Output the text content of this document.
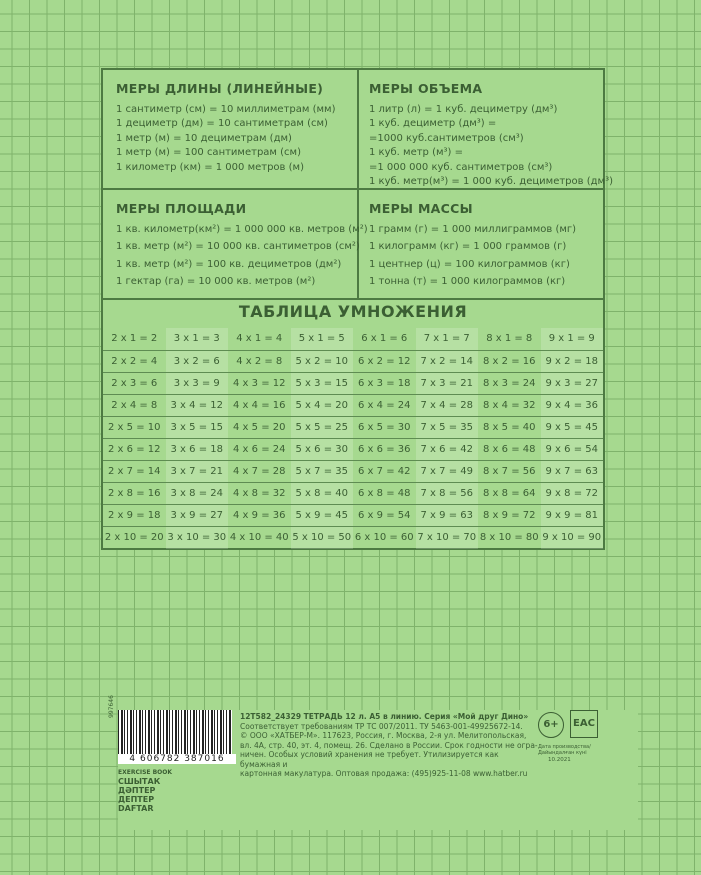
МЕРЫ ДЛИНЫ (ЛИНЕЙНЫЕ)
1 сантиметр (см) = 10 миллиметрам (мм)
1 дециметр (дм) = 10 сантиметрам (см)
1 метр (м) = 10 дециметрам (дм)
1 метр (м) = 100 сантиметрам (см)
1 километр (км) = 1 000 метров (м)
МЕРЫ ОБЪЕМА
1 литр (л) = 1 куб. дециметру (дм³)
1 куб. дециметр (дм³) =
=1000 куб.сантиметров (см³)
1 куб. метр (м³) =
=1 000 000 куб. сантиметров (см³)
1 куб. метр(м³) = 1 000 куб. дециметров (дм³)
МЕРЫ ПЛОЩАДИ
1 кв. километр(км²) = 1 000 000 кв. метров (м²)
1 кв. метр (м²) = 10 000 кв. сантиметров (см²)
1 кв. метр (м²) = 100 кв. дециметров (дм²)
1 гектар (га) = 10 000 кв. метров (м²)
МЕРЫ МАССЫ
1 грамм (г) = 1 000 миллиграммов (мг)
1 килограмм (кг) = 1 000 граммов (г)
1 центнер (ц) = 100 килограммов (кг)
1 тонна (т) = 1 000 килограммов (кг)
ТАБЛИЦА УМНОЖЕНИЯ
2 x 1 = 2	3 x 1 = 3	4 x 1 = 4	5 x 1 = 5	6 x 1 = 6	7 x 1 = 7	8 x 1 = 8	9 x 1 = 9
2 x 2 = 4	3 x 2 = 6	4 x 2 = 8	5 x 2 = 10	6 x 2 = 12	7 x 2 = 14	8 x 2 = 16	9 x 2 = 18
2 x 3 = 6	3 x 3 = 9	4 x 3 = 12	5 x 3 = 15	6 x 3 = 18	7 x 3 = 21	8 x 3 = 24	9 x 3 = 27
2 x 4 = 8	3 x 4 = 12	4 x 4 = 16	5 x 4 = 20	6 x 4 = 24	7 x 4 = 28	8 x 4 = 32	9 x 4 = 36
2 x 5 = 10	3 x 5 = 15	4 x 5 = 20	5 x 5 = 25	6 x 5 = 30	7 x 5 = 35	8 x 5 = 40	9 x 5 = 45
2 x 6 = 12	3 x 6 = 18	4 x 6 = 24	5 x 6 = 30	6 x 6 = 36	7 x 6 = 42	8 x 6 = 48	9 x 6 = 54
2 x 7 = 14	3 x 7 = 21	4 x 7 = 28	5 x 7 = 35	6 x 7 = 42	7 x 7 = 49	8 x 7 = 56	9 x 7 = 63
2 x 8 = 16	3 x 8 = 24	4 x 8 = 32	5 x 8 = 40	6 x 8 = 48	7 x 8 = 56	8 x 8 = 64	9 x 8 = 72
2 x 9 = 18	3 x 9 = 27	4 x 9 = 36	5 x 9 = 45	6 x 9 = 54	7 x 9 = 63	8 x 9 = 72	9 x 9 = 81
2 x 10 = 20 3 x 10 = 30 4 x 10 = 40 5 x 10 = 50 6 x 10 = 60 7 x 10 = 70 8 x 10 = 80 9 x 10 = 90
997646
4 606782 387016
12Т582_24329 ТЕТРАДЬ 12 л. А5 в линию. Серия «Мой друг Дино»
Соответствует требованиям ТР ТС 007/2011. ТУ 5463-001-49925672-14.
© ООО «ХАТБЕР-М». 117623, Россия, г. Москва, 2-я ул. Мелитопольская,
вл. 4А, стр. 40, эт. 4, помещ. 26. Сделано в России. Срок годности не огра-
ничен. Особых условий хранения не требует. Утилизируется как бумажная и
картонная макулатура. Оптовая продажа: (495)925-11-08 www.hatber.ru
6+	EAC
Дата производства/ Дайындалған күні
10.2021
EXERCISE BOOK
СШЫТАК
ДӘПТЕР
ДЕПТЕР
DAFTAR
